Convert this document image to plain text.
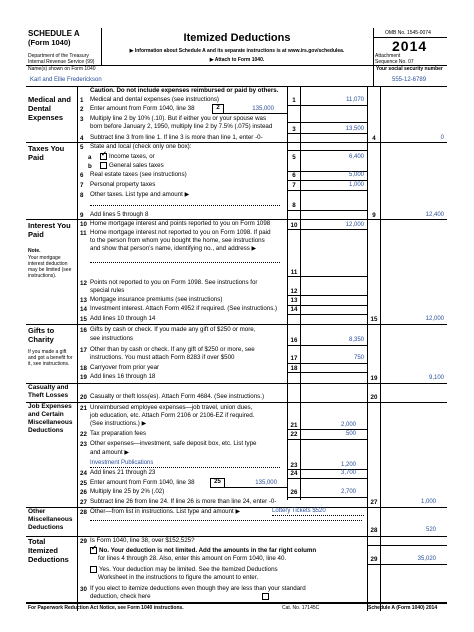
SCHEDULE A
(Form 1040)
Department of the Treasury
Internal Revenue Service (99)
Itemized Deductions
▶ Information about Schedule A and its separate instructions is at www.irs.gov/schedulea.
▶ Attach to Form 1040.
OMB No. 1545-0074
2014
Attachment
Sequence No. 07
Name(s) shown on Form 1040	Your social security number
Karl and Ellie Frederickson	555-12-6789
Medical and Dental Expenses
Caution. Do not include expenses reimbursed or paid by others.
1	Medical and dental expenses (see instructions)	1	11,070
2	Enter amount from Form 1040, line 38	2	135,000
3	Multiply line 2 by 10% (.10). But if either you or your spouse was
born before January 2, 1950, multiply line 2 by 7.5% (.075) instead	3	13,500
4	Subtract line 3 from line 1. If line 3 is more than line 1, enter -0-	4	0
Taxes You Paid
5	State and local (check only one box):
a	✔ Income taxes, or	5	6,400
b	General sales taxes
6	Real estate taxes (see instructions)	6	5,000
7	Personal property taxes	7	1,000
8	Other taxes. List type and amount ▶
8
9	Add lines 5 through 8	9	12,400
Interest You Paid
Note.
Your mortgage interest deduction may be limited (see instructions).
10 Home mortgage interest and points reported to you on Form 1098	10	12,000
11 Home mortgage interest not reported to you on Form 1098. If paid
to the person from whom you bought the home, see instructions
and show that person’s name, identifying no., and address ▶
11
12 Points not reported to you on Form 1098. See instructions for
special rules	12
13 Mortgage insurance premiums (see instructions)	13
14 Investment interest. Attach Form 4952 if required. (See instructions.)	14
15 Add lines 10 through 14	15	12,000
Gifts to Charity
If you made a gift and got a benefit for it, see instructions.
16 Gifts by cash or check. If you made any gift of $250 or more,
see instructions	16	8,350
17 Other than by cash or check. If any gift of $250 or more, see
instructions. You must attach Form 8283 if over $500	17	750
18 Carryover from prior year	18
19 Add lines 16 through 18	19	9,100
Casualty and Theft Losses	20 Casualty or theft loss(es). Attach Form 4684. (See instructions.)	20
Job Expenses and Certain Miscellaneous Deductions
21 Unreimbursed employee expenses—job travel, union dues,
job education, etc. Attach Form 2106 or 2106-EZ if required.
(See instructions.) ▶	21	2,000
22 Tax preparation fees	22	500
23 Other expenses—investment, safe deposit box, etc. List type
and amount ▶
Investment Publications	23	1,200
24 Add lines 21 through 23	24	3,700
25 Enter amount from Form 1040, line 38	25	135,000
26 Multiply line 25 by 2% (.02)	26	2,700
27 Subtract line 26 from line 24. If line 26 is more than line 24, enter -0-	27	1,000
Other Miscellaneous Deductions
28 Other—from list in instructions. List type and amount ▶	Lottery Tickets $520
28	520
Total Itemized Deductions
29 Is Form 1040, line 38, over $152,525?
✔ No. Your deduction is not limited. Add the amounts in the far right column
for lines 4 through 28. Also, enter this amount on Form 1040, line 40.	29	35,020
Yes. Your deduction may be limited. See the Itemized Deductions
Worksheet in the instructions to figure the amount to enter.
30 If you elect to itemize deductions even though they are less than your standard
deduction, check here
For Paperwork Reduction Act Notice, see Form 1040 instructions.	Cat. No. 17145C	Schedule A (Form 1040) 2014
